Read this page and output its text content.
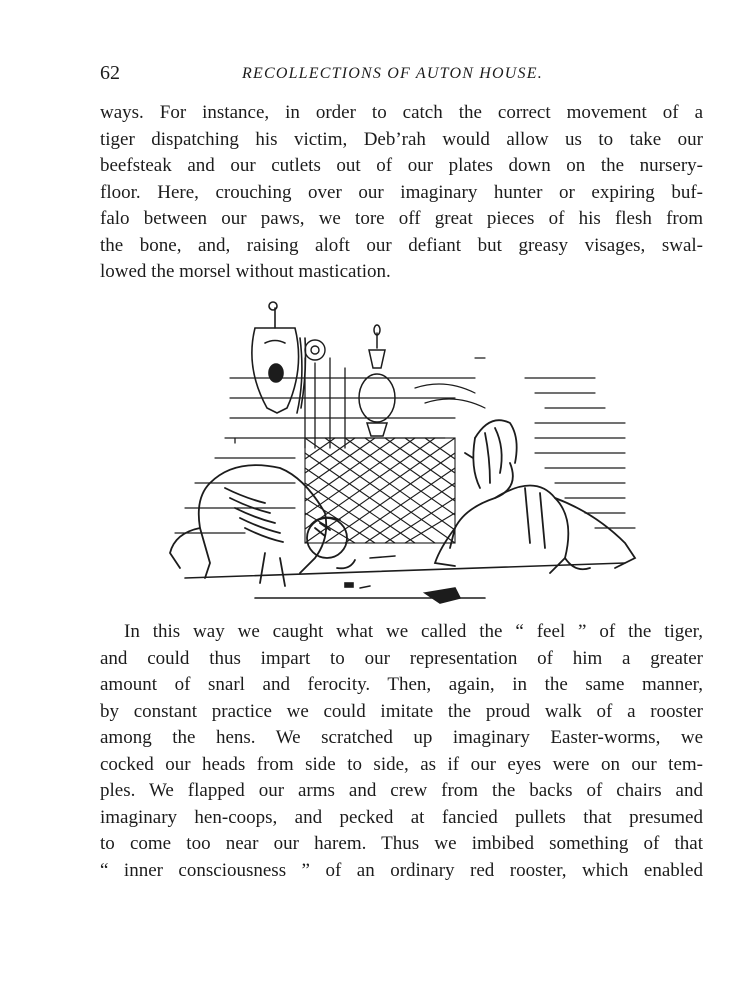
62	RECOLLECTIONS OF AUTON HOUSE.

ways. For instance, in order to catch the correct movement of a
tiger dispatching his victim, Deb’rah would allow us to take our
beefsteak and our cutlets out of our plates down on the nursery-
floor. Here, crouching over our imaginary hunter or expiring buf-
falo between our paws, we tore off great pieces of his flesh from
the bone, and, raising aloft our defiant but greasy visages, swal-
lowed the morsel without mastication.

In this way we caught what we called the “ feel ” of the tiger,
and could thus impart to our representation of him a greater
amount of snarl and ferocity. Then, again, in the same manner,
by constant practice we could imitate the proud walk of a rooster
among the hens. We scratched up imaginary Easter-worms, we
cocked our heads from side to side, as if our eyes were on our tem-
ples. We flapped our arms and crew from the backs of chairs and
imaginary hen-coops, and pecked at fancied pullets that presumed
to come too near our harem. Thus we imbibed something of that
“ inner consciousness ” of an ordinary red rooster, which enabled
